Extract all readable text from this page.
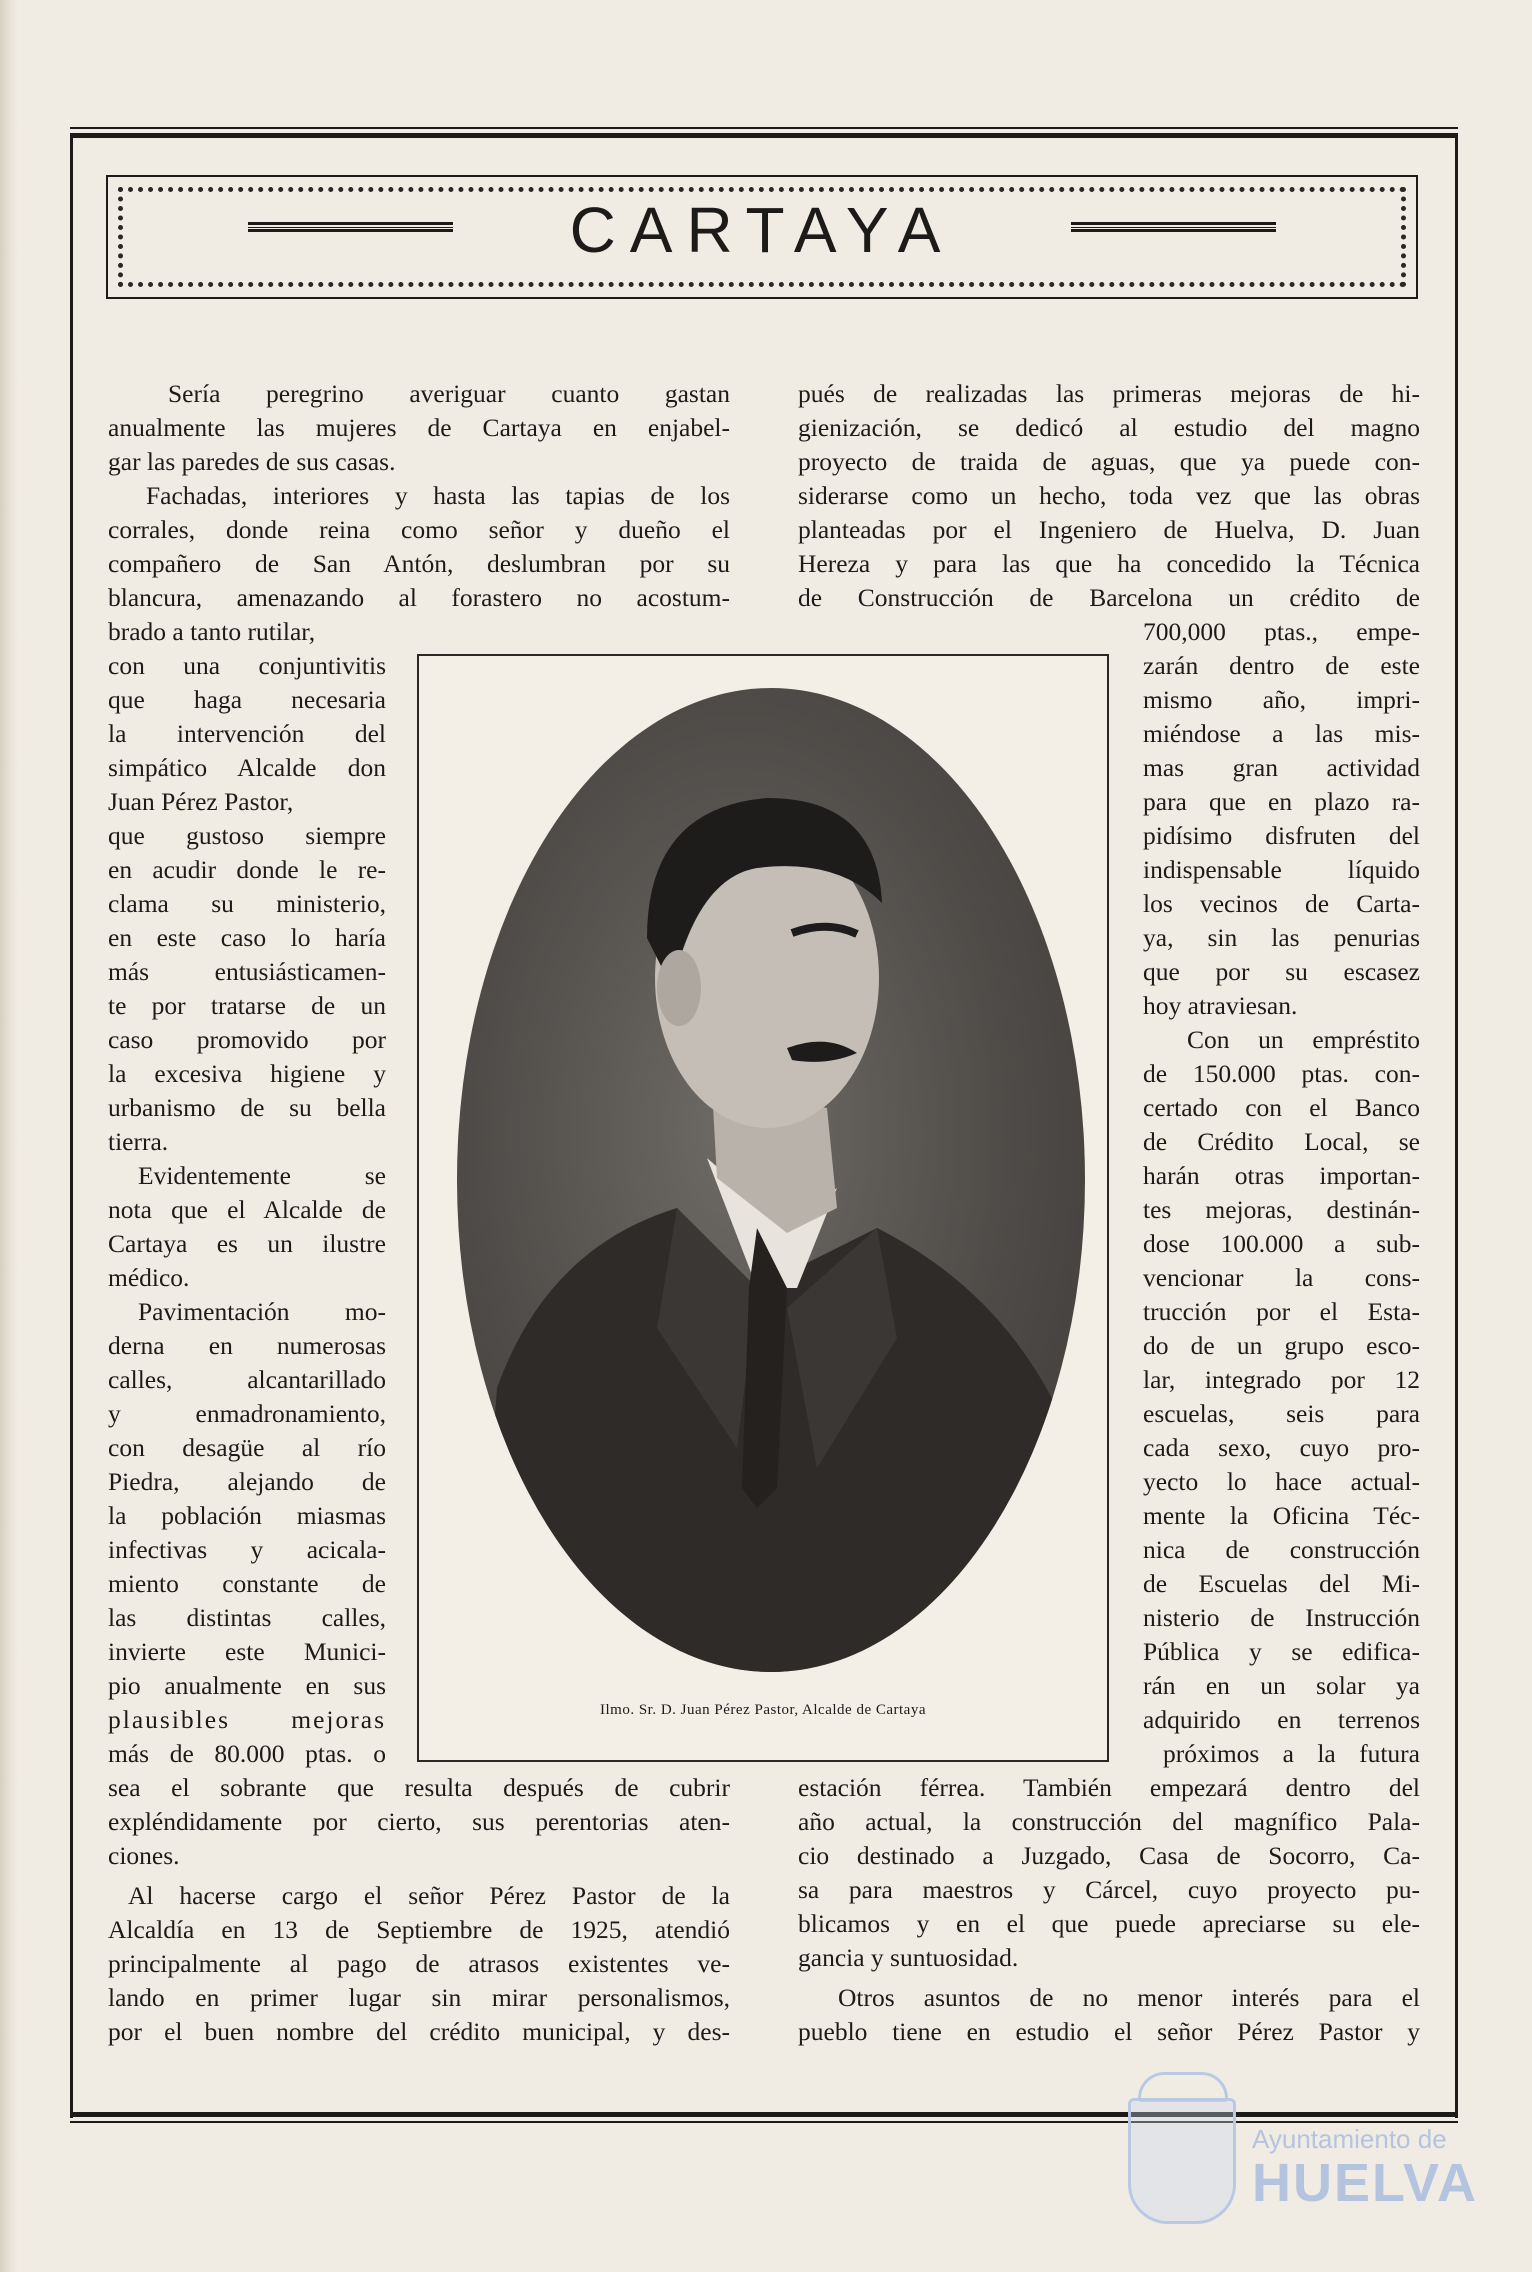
CARTAYA
Ilmo. Sr. D. Juan Pérez Pastor, Alcalde de Cartaya
Sería peregrino averiguar cuanto gastan
anualmente las mujeres de Cartaya en enjabel-
gar las paredes de sus casas.
Fachadas, interiores y hasta las tapias de los
corrales, donde reina como señor y dueño el
compañero de San Antón, deslumbran por su
blancura, amenazando al forastero no acostum-
brado a tanto rutilar,
con una conjuntivitis
que haga necesaria
la intervención del
simpático Alcalde don
Juan Pérez Pastor,
que gustoso siempre
en acudir donde le re-
clama su ministerio,
en este caso lo haría
más entusiásticamen-
te por tratarse de un
caso promovido por
la excesiva higiene y
urbanismo de su bella
tierra.
Evidentemente se
nota que el Alcalde de
Cartaya es un ilustre
médico.
Pavimentación mo-
derna en numerosas
calles, alcantarillado
y enmadronamiento,
con desagüe al río
Piedra, alejando de
la población miasmas
infectivas y acicala-
miento constante de
las distintas calles,
invierte este Munici-
pio anualmente en sus
plausibles mejoras
más de 80.000 ptas. o
sea el sobrante que resulta después de cubrir
expléndidamente por cierto, sus perentorias aten-
ciones.
Al hacerse cargo el señor Pérez Pastor de la
Alcaldía en 13 de Septiembre de 1925, atendió
principalmente al pago de atrasos existentes ve-
lando en primer lugar sin mirar personalismos,
por el buen nombre del crédito municipal, y des-
pués de realizadas las primeras mejoras de hi-
gienización, se dedicó al estudio del magno
proyecto de traida de aguas, que ya puede con-
siderarse como un hecho, toda vez que las obras
planteadas por el Ingeniero de Huelva, D. Juan
Hereza y para las que ha concedido la Técnica
de Construcción de Barcelona un crédito de
700,000 ptas., empe-
zarán dentro de este
mismo año, impri-
miéndose a las mis-
mas gran actividad
para que en plazo ra-
pidísimo disfruten del
indispensable líquido
los vecinos de Carta-
ya, sin las penurias
que por su escasez
hoy atraviesan.
Con un empréstito
de 150.000 ptas. con-
certado con el Banco
de Crédito Local, se
harán otras importan-
tes mejoras, destinán-
dose 100.000 a sub-
vencionar la cons-
trucción por el Esta-
do de un grupo esco-
lar, integrado por 12
escuelas, seis para
cada sexo, cuyo pro-
yecto lo hace actual-
mente la Oficina Téc-
nica de construcción
de Escuelas del Mi-
nisterio de Instrucción
Pública y se edifica-
rán en un solar ya
adquirido en terrenos
próximos a la futura
estación férrea. También empezará dentro del
año actual, la construcción del magnífico Pala-
cio destinado a Juzgado, Casa de Socorro, Ca-
sa para maestros y Cárcel, cuyo proyecto pu-
blicamos y en el que puede apreciarse su ele-
gancia y suntuosidad.
Otros asuntos de no menor interés para el
pueblo tiene en estudio el señor Pérez Pastor y
Ayuntamiento de
HUELVA
